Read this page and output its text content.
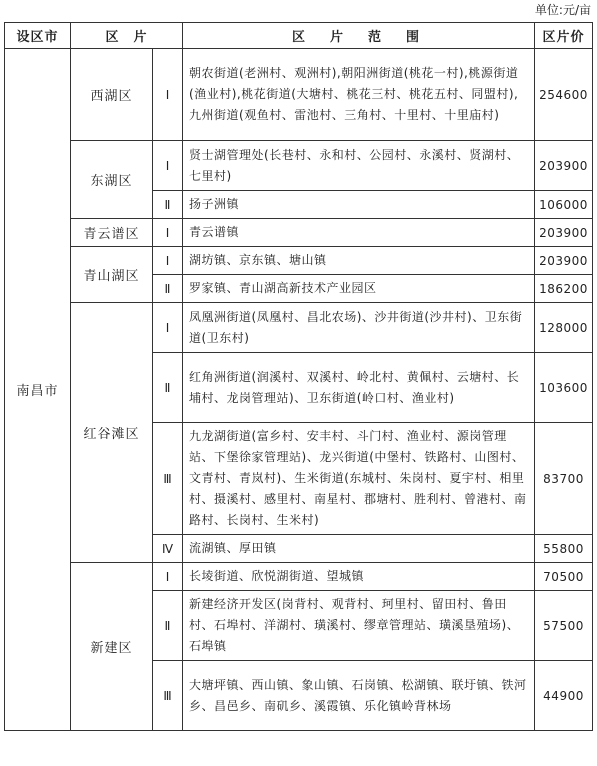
单位:元/亩
设区市	区　片		区　片　范　围	区片价
南昌市	西湖区	Ⅰ	朝农街道(老洲村、观洲村),朝阳洲街道(桃花一村),桃源街道(渔业村),桃花街道(大塘村、桃花三村、桃花五村、同盟村),九州街道(观鱼村、雷池村、三角村、十里村、十里庙村)	254600
	东湖区	Ⅰ	贤士湖管理处(长巷村、永和村、公园村、永溪村、贤湖村、七里村)	203900
		Ⅱ	扬子洲镇	106000
	青云谱区	Ⅰ	青云谱镇	203900
	青山湖区	Ⅰ	湖坊镇、京东镇、塘山镇	203900
		Ⅱ	罗家镇、青山湖高新技术产业园区	186200
	红谷滩区	Ⅰ	凤凰洲街道(凤凰村、昌北农场)、沙井街道(沙井村)、卫东街道(卫东村)	128000
		Ⅱ	红角洲街道(润溪村、双溪村、岭北村、黄佩村、云塘村、长埔村、龙岗管理站)、卫东街道(岭口村、渔业村)	103600
		Ⅲ	九龙湖街道(富乡村、安丰村、斗门村、渔业村、源岗管理站、下堡徐家管理站)、龙兴街道(中堡村、铁路村、山图村、文青村、青岚村)、生米街道(东城村、朱岗村、夏宇村、相里村、摄溪村、感里村、南星村、郡塘村、胜利村、曾港村、南路村、长岗村、生米村)	83700
		Ⅳ	流湖镇、厚田镇	55800
	新建区	Ⅰ	长堎街道、欣悦湖街道、望城镇	70500
		Ⅱ	新建经济开发区(岗背村、观背村、珂里村、留田村、鲁田村、石埠村、洋湖村、璜溪村、缪章管理站、璜溪垦殖场)、石埠镇	57500
		Ⅲ	大塘坪镇、西山镇、象山镇、石岗镇、松湖镇、联圩镇、铁河乡、昌邑乡、南矶乡、溪霞镇、乐化镇岭背林场	44900
